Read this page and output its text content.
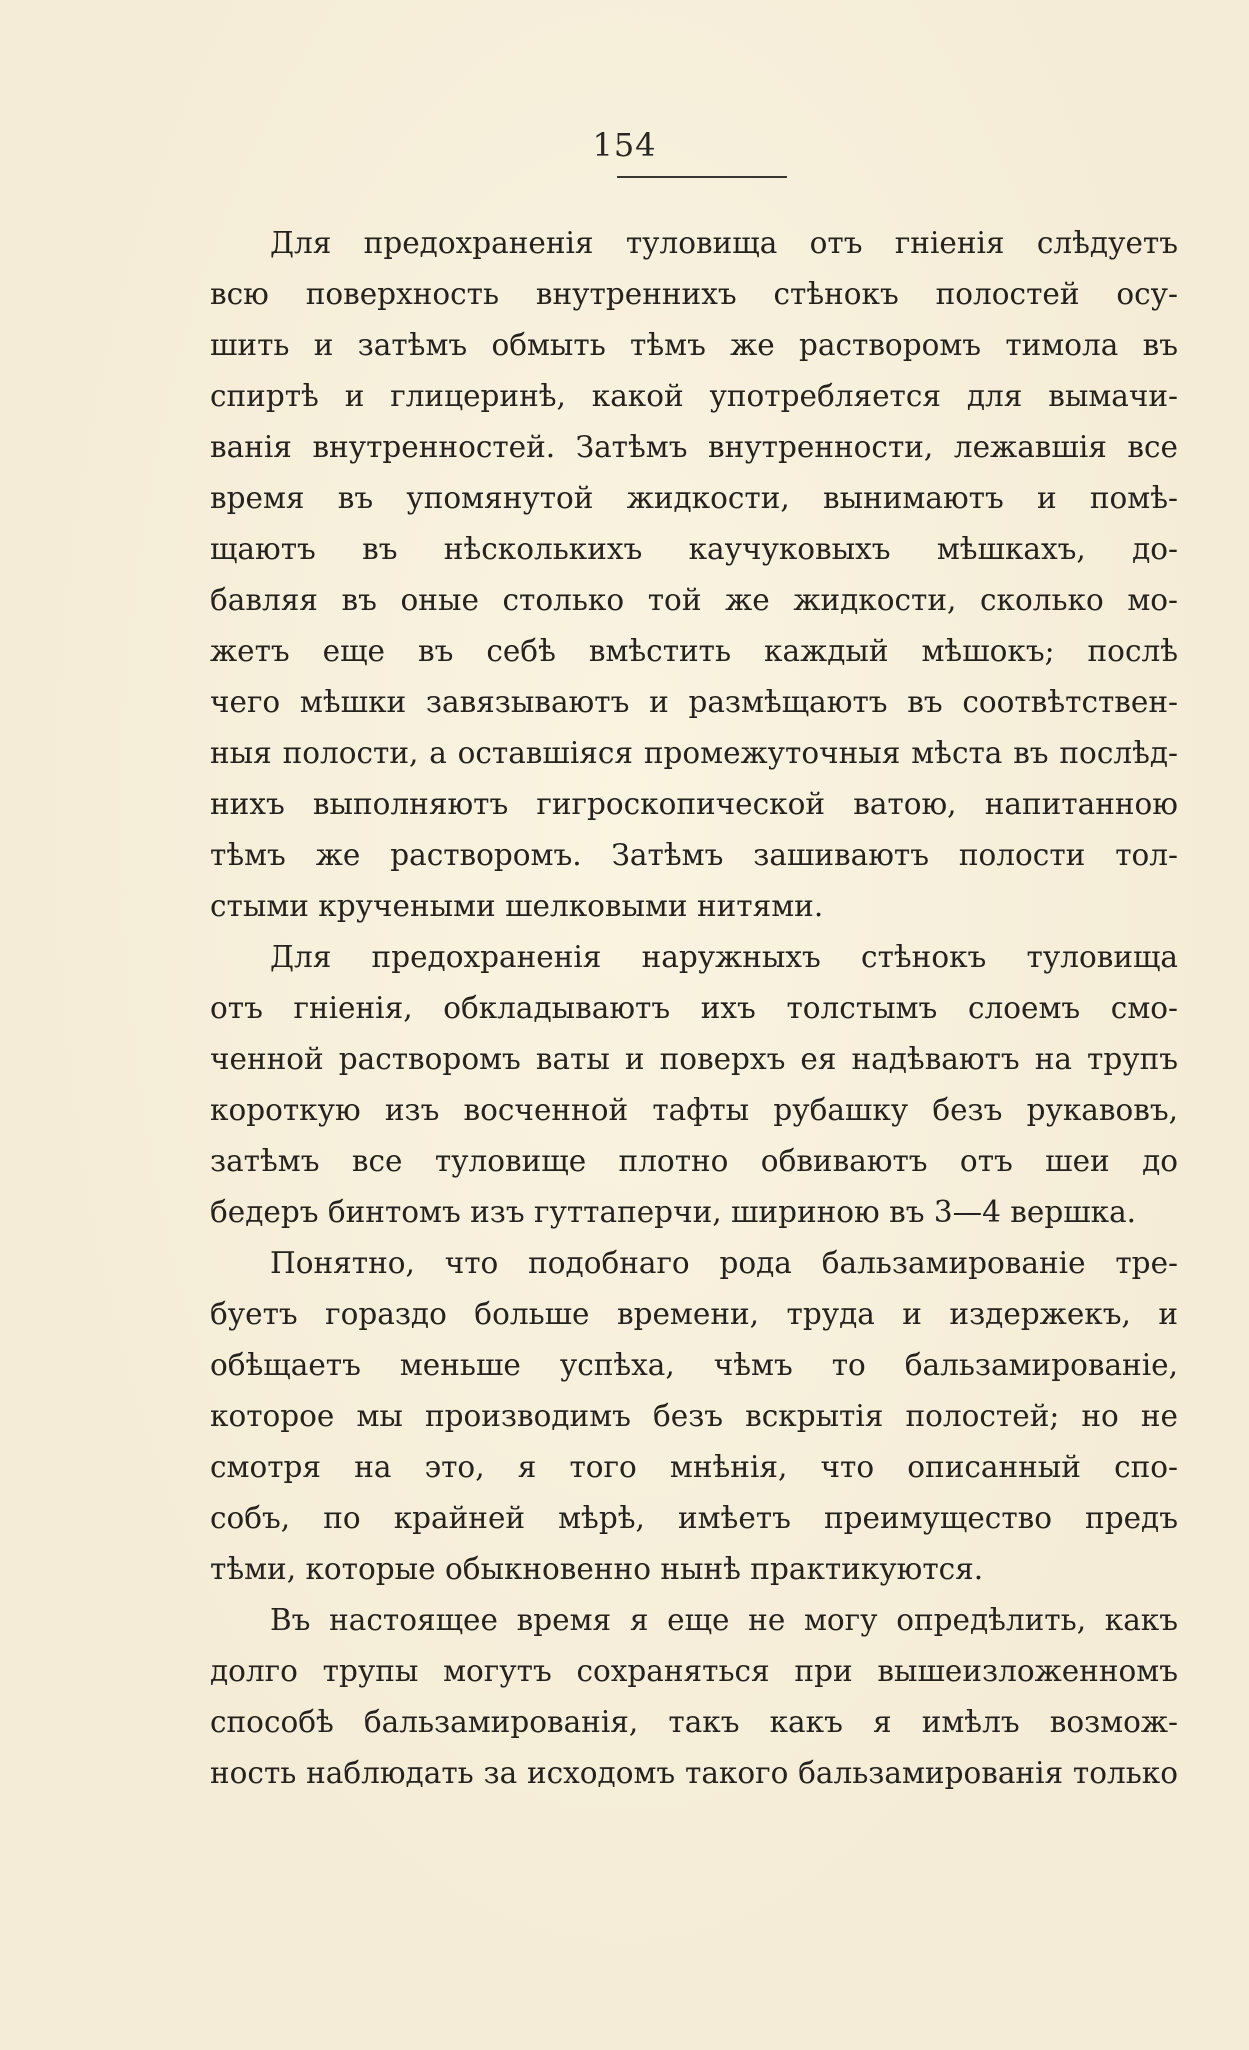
154

Для предохраненія туловища отъ гніенія слѣдуетъ
всю поверхность внутреннихъ стѣнокъ полостей осу-
шить и затѣмъ обмыть тѣмъ же растворомъ тимола въ
спиртѣ и глицеринѣ, какой употребляется для вымачи-
ванія внутренностей. Затѣмъ внутренности, лежавшія все
время въ упомянутой жидкости, вынимаютъ и помѣ-
щаютъ въ нѣсколькихъ каучуковыхъ мѣшкахъ, до-
бавляя въ оные столько той же жидкости, сколько мо-
жетъ еще въ себѣ вмѣстить каждый мѣшокъ; послѣ
чего мѣшки завязываютъ и размѣщаютъ въ соотвѣтствен-
ныя полости, а оставшіяся промежуточныя мѣста въ послѣд-
нихъ выполняютъ гигроскопической ватою, напитанною
тѣмъ же растворомъ. Затѣмъ зашиваютъ полости тол-
стыми кручеными шелковыми нитями.

Для предохраненія наружныхъ стѣнокъ туловища
отъ гніенія, обкладываютъ ихъ толстымъ слоемъ смо-
ченной растворомъ ваты и поверхъ ея надѣваютъ на трупъ
короткую изъ восченной тафты рубашку безъ рукавовъ,
затѣмъ все туловище плотно обвиваютъ отъ шеи до
бедеръ бинтомъ изъ гуттаперчи, шириною въ 3—4 вершка.

Понятно, что подобнаго рода бальзамированіе тре-
буетъ гораздо больше времени, труда и издержекъ, и
обѣщаетъ меньше успѣха, чѣмъ то бальзамированіе,
которое мы производимъ безъ вскрытія полостей; но не
смотря на это, я того мнѣнія, что описанный спо-
собъ, по крайней мѣрѣ, имѣетъ преимущество предъ
тѣми, которые обыкновенно нынѣ практикуются.

Въ настоящее время я еще не могу опредѣлить, какъ
долго трупы могутъ сохраняться при вышеизложенномъ
способѣ бальзамированія, такъ какъ я имѣлъ возмож-
ность наблюдать за исходомъ такого бальзамированія только
